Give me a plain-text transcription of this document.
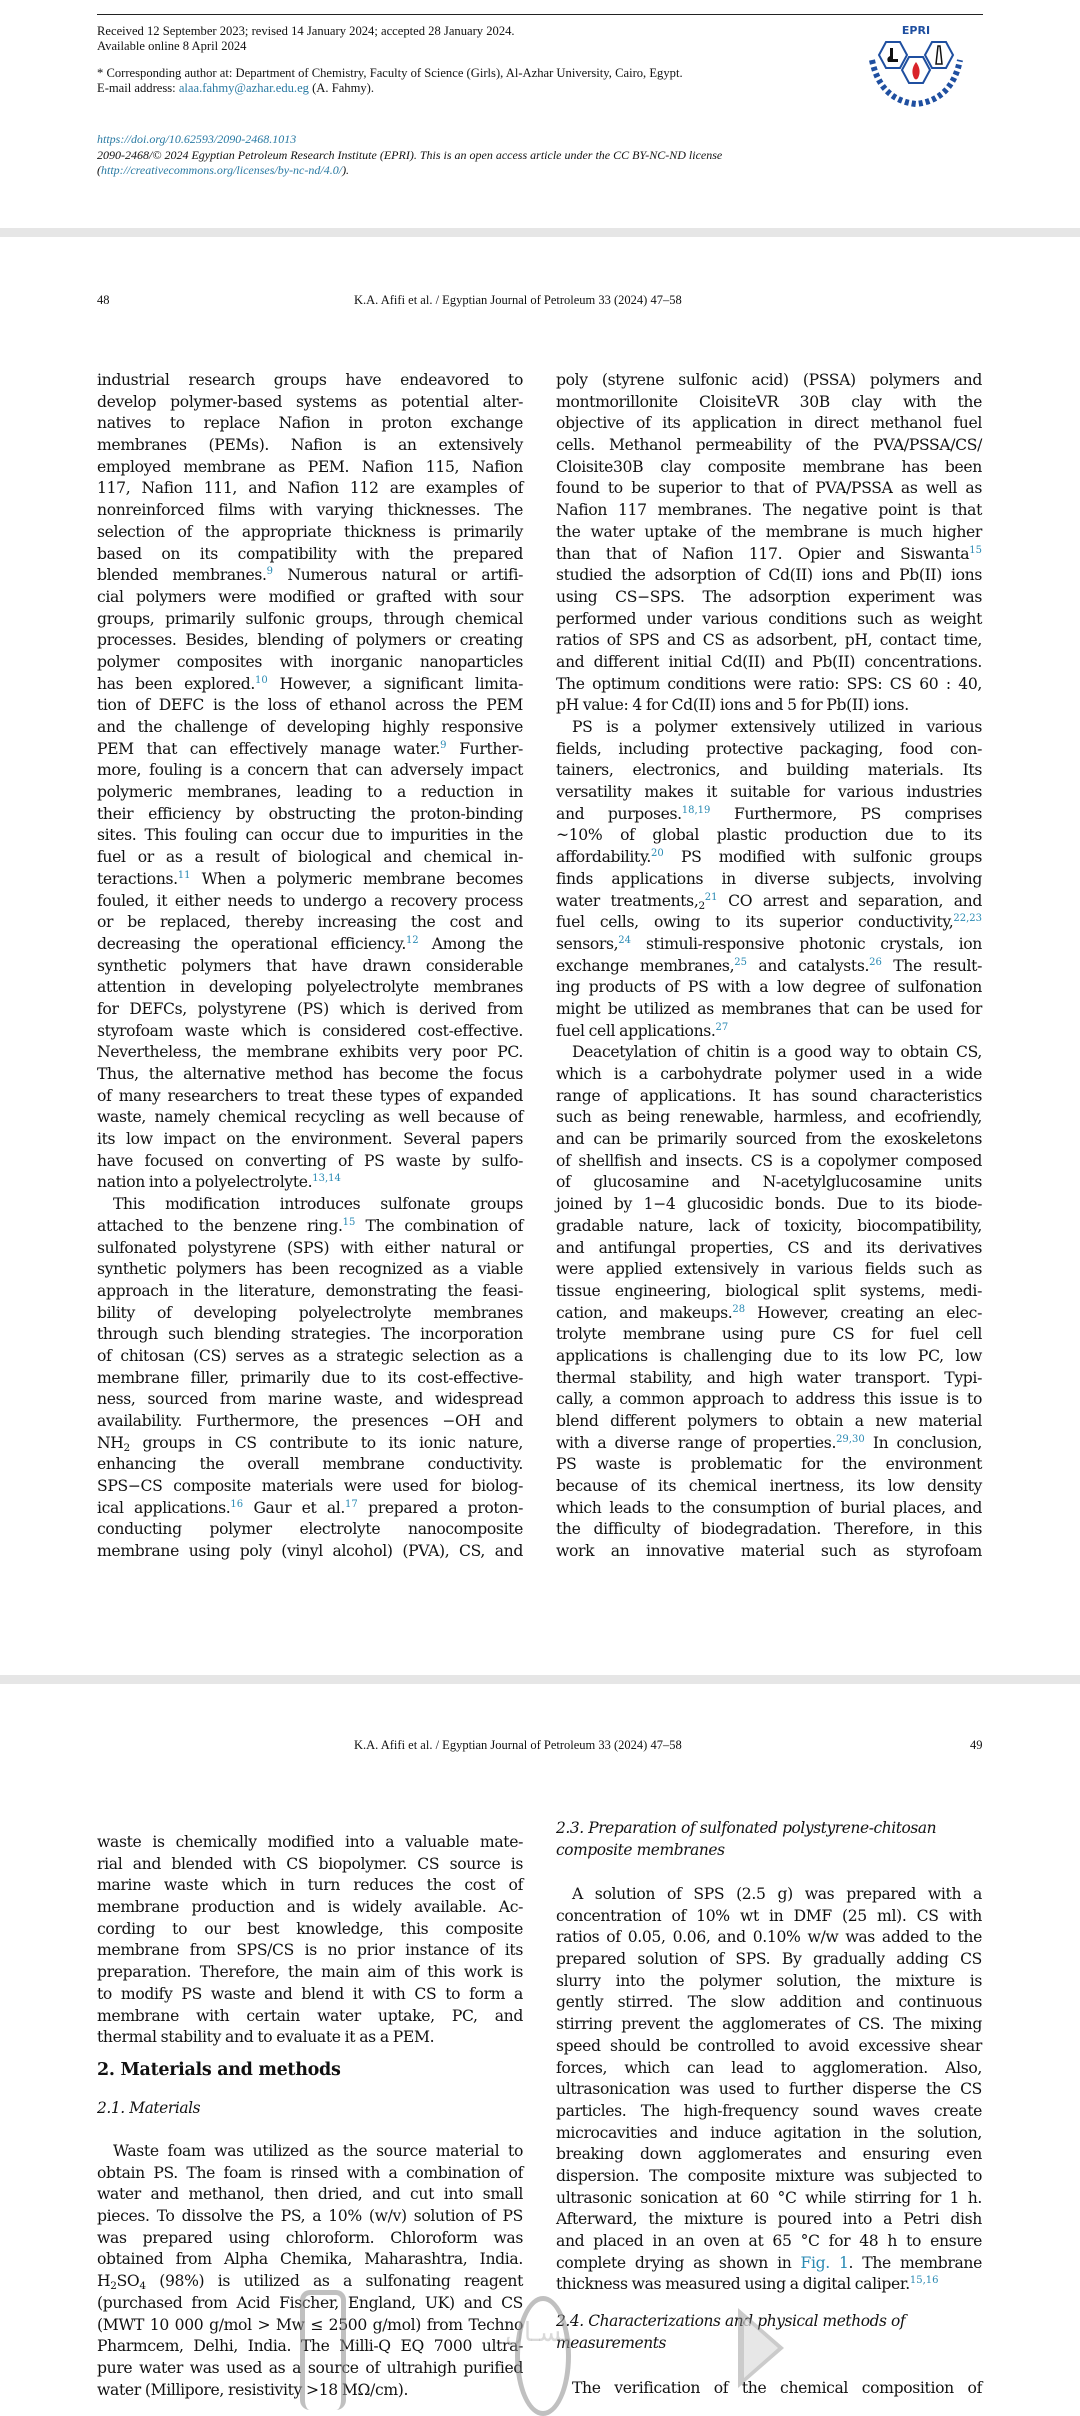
Received 12 September 2023; revised 14 January 2024; accepted 28 January 2024.
Available online 8 April 2024
* Corresponding author at: Department of Chemistry, Faculty of Science (Girls), Al-Azhar University, Cairo, Egypt.
E-mail address: alaa.fahmy@azhar.edu.eg (A. Fahmy).
https://doi.org/10.62593/2090-2468.1013
2090-2468/© 2024 Egyptian Petroleum Research Institute (EPRI). This is an open access article under the CC BY-NC-ND license
(http://creativecommons.org/licenses/by-nc-nd/4.0/).
EPRI
48	K.A. Afifi et al. / Egyptian Journal of Petroleum 33 (2024) 47–58
industrial research groups have endeavored to
develop polymer-based systems as potential alter-
natives to replace Nafion in proton exchange
membranes (PEMs). Nafion is an extensively
employed membrane as PEM. Nafion 115, Nafion
117, Nafion 111, and Nafion 112 are examples of
nonreinforced films with varying thicknesses. The
selection of the appropriate thickness is primarily
based on its compatibility with the prepared
blended membranes.$^9$ Numerous natural or artifi-
cial polymers were modified or grafted with sour
groups, primarily sulfonic groups, through chemical
processes. Besides, blending of polymers or creating
polymer composites with inorganic nanoparticles
has been explored.$^{10}$ However, a significant limita-
tion of DEFC is the loss of ethanol across the PEM
and the challenge of developing highly responsive
PEM that can effectively manage water.$^9$ Further-
more, fouling is a concern that can adversely impact
polymeric membranes, leading to a reduction in
their efficiency by obstructing the proton-binding
sites. This fouling can occur due to impurities in the
fuel or as a result of biological and chemical in-
teractions.$^{11}$ When a polymeric membrane becomes
fouled, it either needs to undergo a recovery process
or be replaced, thereby increasing the cost and
decreasing the operational efficiency.$^{12}$ Among the
synthetic polymers that have drawn considerable
attention in developing polyelectrolyte membranes
for DEFCs, polystyrene (PS) which is derived from
styrofoam waste which is considered cost-effective.
Nevertheless, the membrane exhibits very poor PC.
Thus, the alternative method has become the focus
of many researchers to treat these types of expanded
waste, namely chemical recycling as well because of
its low impact on the environment. Several papers
have focused on converting of PS waste by sulfo-
nation into a polyelectrolyte.$^{13,14}$
This modification introduces sulfonate groups
attached to the benzene ring.$^{15}$ The combination of
sulfonated polystyrene (SPS) with either natural or
synthetic polymers has been recognized as a viable
approach in the literature, demonstrating the feasi-
bility of developing polyelectrolyte membranes
through such blending strategies. The incorporation
of chitosan (CS) serves as a strategic selection as a
membrane filler, primarily due to its cost-effective-
ness, sourced from marine waste, and widespread
availability. Furthermore, the presences −OH and
$NH_2$ groups in CS contribute to its ionic nature,
enhancing the overall membrane conductivity.
SPS−CS composite materials were used for biolog-
ical applications.$^{16}$ Gaur et al.$^{17}$ prepared a proton-
conducting polymer electrolyte nanocomposite
membrane using poly (vinyl alcohol) (PVA), CS, and
poly (styrene sulfonic acid) (PSSA) polymers and
montmorillonite CloisiteVR 30B clay with the
objective of its application in direct methanol fuel
cells. Methanol permeability of the PVA/PSSA/CS/
Cloisite30B clay composite membrane has been
found to be superior to that of PVA/PSSA as well as
Nafion 117 membranes. The negative point is that
the water uptake of the membrane is much higher
than that of Nafion 117. Opier and Siswanta$^{15}$
studied the adsorption of Cd(II) ions and Pb(II) ions
using CS−SPS. The adsorption experiment was
performed under various conditions such as weight
ratios of SPS and CS as adsorbent, pH, contact time,
and different initial Cd(II) and Pb(II) concentrations.
The optimum conditions were ratio: SPS: CS 60 : 40,
pH value: 4 for Cd(II) ions and 5 for Pb(II) ions.
PS is a polymer extensively utilized in various
fields, including protective packaging, food con-
tainers, electronics, and building materials. Its
versatility makes it suitable for various industries
and purposes.$^{18,19}$ Furthermore, PS comprises
~10% of global plastic production due to its
affordability.$^{20}$ PS modified with sulfonic groups
finds applications in diverse subjects, involving
water $treatments,_2^{21}$ CO arrest and separation, and
fuel cells, owing to its superior conductivity,$^{22,23}$
sensors,$^{24}$ stimuli-responsive photonic crystals, ion
exchange membranes,$^{25}$ and catalysts.$^{26}$ The result-
ing products of PS with a low degree of sulfonation
might be utilized as membranes that can be used for
fuel cell applications.$^{27}$
Deacetylation of chitin is a good way to obtain CS,
which is a carbohydrate polymer used in a wide
range of applications. It has sound characteristics
such as being renewable, harmless, and ecofriendly,
and can be primarily sourced from the exoskeletons
of shellfish and insects. CS is a copolymer composed
of glucosamine and N-acetylglucosamine units
joined by 1−4 glucosidic bonds. Due to its biode-
gradable nature, lack of toxicity, biocompatibility,
and antifungal properties, CS and its derivatives
were applied extensively in various fields such as
tissue engineering, biological split systems, medi-
cation, and makeups.$^{28}$ However, creating an elec-
trolyte membrane using pure CS for fuel cell
applications is challenging due to its low PC, low
thermal stability, and high water transport. Typi-
cally, a common approach to address this issue is to
blend different polymers to obtain a new material
with a diverse range of properties.$^{29,30}$ In conclusion,
PS waste is problematic for the environment
because of its chemical inertness, its low density
which leads to the consumption of burial places, and
the difficulty of biodegradation. Therefore, in this
work an innovative material such as styrofoam
K.A. Afifi et al. / Egyptian Journal of Petroleum 33 (2024) 47–58	49
waste is chemically modified into a valuable mate-
rial and blended with CS biopolymer. CS source is
marine waste which in turn reduces the cost of
membrane production and is widely available. Ac-
cording to our best knowledge, this composite
membrane from SPS/CS is no prior instance of its
preparation. Therefore, the main aim of this work is
to modify PS waste and blend it with CS to form a
membrane with certain water uptake, PC, and
thermal stability and to evaluate it as a PEM.
2. Materials and methods
2.1. Materials
Waste foam was utilized as the source material to
obtain PS. The foam is rinsed with a combination of
water and methanol, then dried, and cut into small
pieces. To dissolve the PS, a 10% (w/v) solution of PS
was prepared using chloroform. Chloroform was
obtained from Alpha Chemika, Maharashtra, India.
$H_2SO_4$ (98%) is utilized as a sulfonating reagent
(purchased from Acid Fischer, England, UK) and CS
(MWT 10 000 g/mol > Mw ≤ 2500 g/mol) from Techno
Pharmcem, Delhi, India. The Milli-Q EQ 7000 ultra-
pure water was used as a source of ultrahigh purified
water (Millipore, resistivity >18 MΩ/cm).
2.3. Preparation of sulfonated polystyrene-chitosan
composite membranes
A solution of SPS (2.5 g) was prepared with a
concentration of 10% wt in DMF (25 ml). CS with
ratios of 0.05, 0.06, and 0.10% w/w was added to the
prepared solution of SPS. By gradually adding CS
slurry into the polymer solution, the mixture is
gently stirred. The slow addition and continuous
stirring prevent the agglomerates of CS. The mixing
speed should be controlled to avoid excessive shear
forces, which can lead to agglomeration. Also,
ultrasonication was used to further disperse the CS
particles. The high-frequency sound waves create
microcavities and induce agitation in the solution,
breaking down agglomerates and ensuring even
dispersion. The composite mixture was subjected to
ultrasonic sonication at 60 °C while stirring for 1 h.
Afterward, the mixture is poured into a Petri dish
and placed in an oven at 65 °C for 48 h to ensure
complete drying as shown in Fig. 1. The membrane
thickness was measured using a digital caliper.$^{15,16}$
2.4. Characterizations and physical methods of
measurements
The verification of the chemical composition of
ـسـال
